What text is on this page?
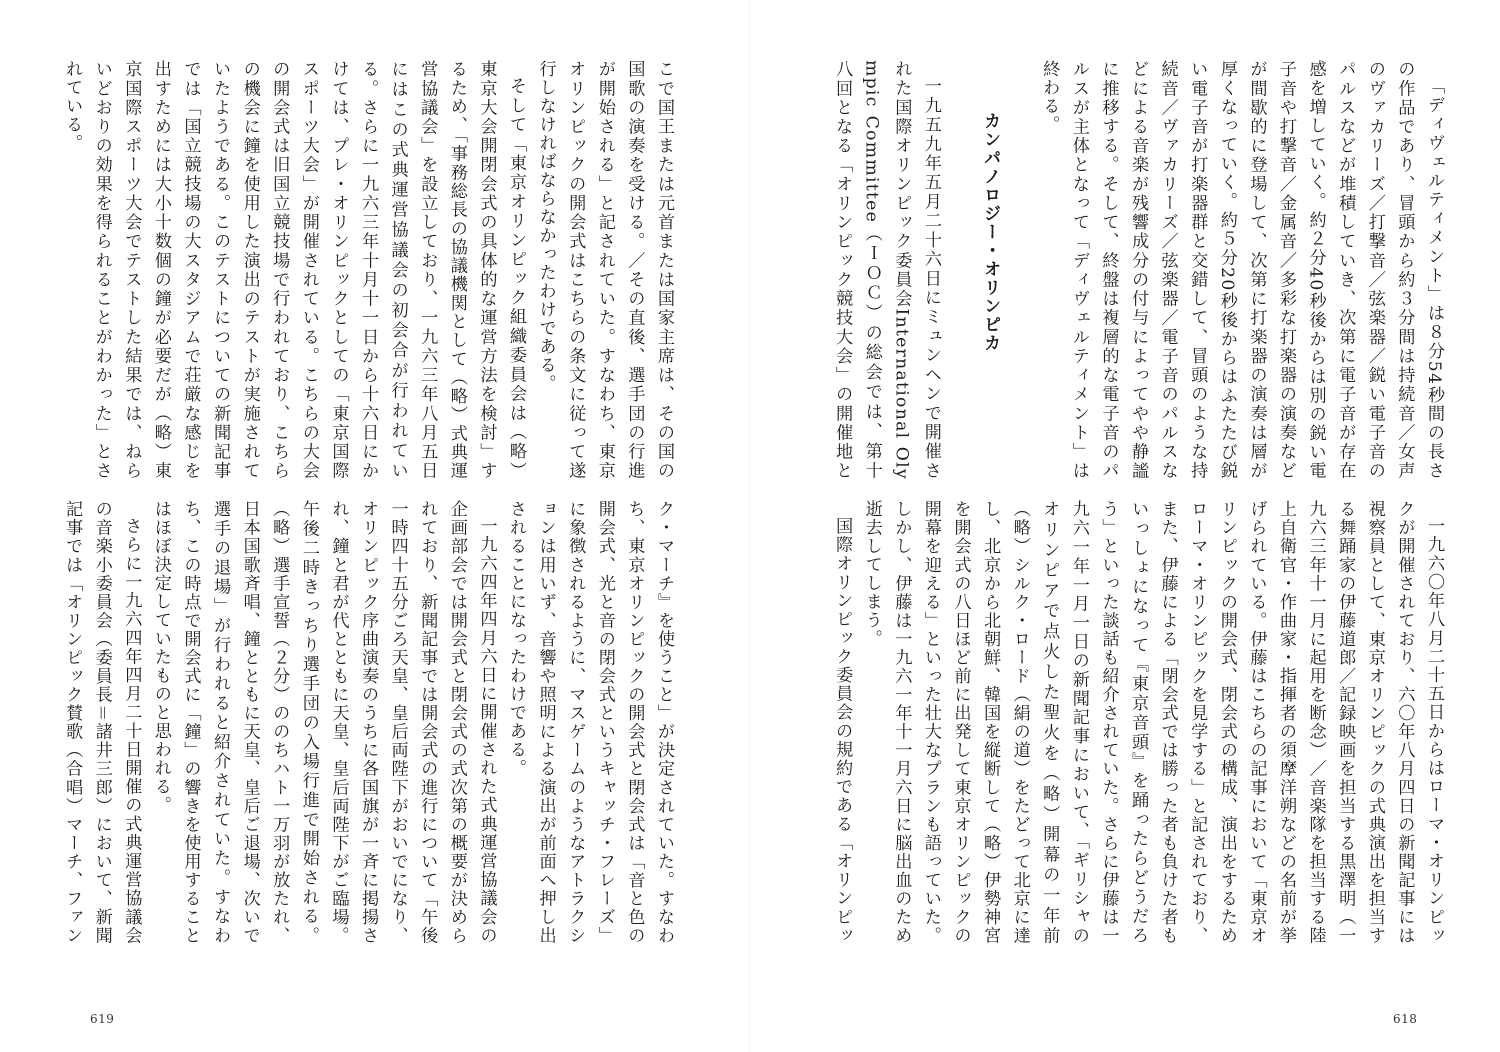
こで国王または元首または国家主席は、その国の国歌の演奏を受ける。／その直後、選手団の行進が開始される」と記されていた。すなわち、東京オリンピックの開会式はこちらの条文に従って遂行しなければならなかったわけである。

そして「東京オリンピック組織委員会は（略）東京大会開閉会式の具体的な運営方法を検討」するため、「事務総長の協議機関として（略）式典運営協議会」を設立しており、一九六三年八月五日にはこの式典運営協議会の初会合が行われている。さらに一九六三年十月十一日から十六日にかけては、プレ・オリンピックとしての「東京国際スポーツ大会」が開催されている。こちらの大会の開会式は旧国立競技場で行われており、こちらの機会に鐘を使用した演出のテストが実施されていたようである。このテストについての新聞記事では「国立競技場の大スタジアムで荘厳な感じを出すためには大小十数個の鐘が必要だが（略）東京国際スポーツ大会でテストした結果では、ねらいどおりの効果を得られることがわかった」とされている。

ク・マーチ』を使うこと」が決定されていた。すなわち、東京オリンピックの開会式と閉会式は「音と色の開会式、光と音の閉会式というキャッチ・フレーズ」に象徴されるように、マスゲームのようなアトラクションは用いず、音響や照明による演出が前面へ押し出されることになったわけである。

一九六四年四月六日に開催された式典運営協議会の企画部会では開会式と閉会式の式次第の概要が決められており、新聞記事では開会式の進行について「午後一時四十五分ごろ天皇、皇后両陛下がおいでになり、オリンピック序曲演奏のうちに各国旗が一斉に掲揚され、鐘と君が代とともに天皇、皇后両陛下がご臨場。午後二時きっちり選手団の入場行進で開始される。（略）選手宣誓（２分）ののちハト一万羽が放たれ、日本国歌斉唱、鐘とともに天皇、皇后ご退場、次いで選手の退場」が行われると紹介されていた。すなわち、この時点で開会式に「鐘」の響きを使用することはほぼ決定していたものと思われる。

さらに一九六四年四月二十日開催の式典運営協議会の音楽小委員会（委員長＝諸井三郎）において、新聞記事では「オリンピック賛歌（合唱）マーチ、ファン

619

「ディヴェルティメント」は８分54秒間の長さの作品であり、冒頭から約３分間は持続音／女声のヴァカリーズ／打撃音／弦楽器／鋭い電子音のパルスなどが堆積していき、次第に電子音が存在感を増していく。約２分40秒後からは別の鋭い電子音や打撃音／金属音／多彩な打楽器の演奏などが間歇的に登場して、次第に打楽器の演奏は層が厚くなっていく。約５分20秒後からはふたたび鋭い電子音が打楽器群と交錯して、冒頭のような持続音／ヴァカリーズ／弦楽器／電子音のパルスなどによる音楽が残響成分の付与によってやや静謐に推移する。そして、終盤は複層的な電子音のパルスが主体となって「ディヴェルティメント」は終わる。

カンパノロジー・オリンピカ

一九五九年五月二十六日にミュンヘンで開催された国際オリンピック委員会International Olympic Committee（ＩＯＣ）の総会では、第十八回となる「オリンピック競技大会」の開催地と

一九六〇年八月二十五日からはローマ・オリンピックが開催されており、六〇年八月四日の新聞記事には視察員として、東京オリンピックの式典演出を担当する舞踊家の伊藤道郎／記録映画を担当する黒澤明（一九六三年十一月に起用を断念）／音楽隊を担当する陸上自衛官・作曲家・指揮者の須摩洋朔などの名前が挙げられている。伊藤はこちらの記事において「東京オリンピックの開会式、閉会式の構成、演出をするためローマ・オリンピックを見学する」と記されており、また、伊藤による「閉会式では勝った者も負けた者もいっしょになって『東京音頭』を踊ったらどうだろう」といった談話も紹介されていた。さらに伊藤は一九六一年一月一日の新聞記事において、「ギリシャのオリンピアで点火した聖火を（略）開幕の一年前（略）シルク・ロード（絹の道）をたどって北京に達し、北京から北朝鮮、韓国を縦断して（略）伊勢神宮を開会式の八日ほど前に出発して東京オリンピックの開幕を迎える」といった壮大なプランも語っていた。しかし、伊藤は一九六一年十一月六日に脳出血のため逝去してしまう。

国際オリンピック委員会の規約である「オリンピッ

618
